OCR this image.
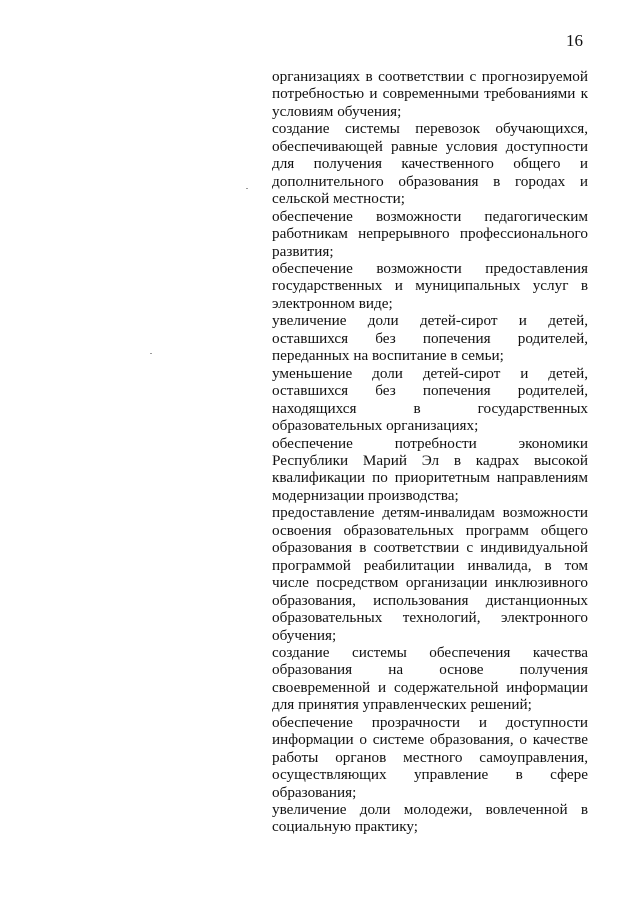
16

организациях в соответствии с прогнозируемой потребностью и современными требованиями к условиям обучения;

создание системы перевозок обучающихся, обеспечивающей равные условия доступности для получения качественного общего и дополнительного образования в городах и сельской местности;

обеспечение возможности педагогическим работникам непрерывного профессионального развития;

обеспечение возможности предоставления государственных и муниципальных услуг в электронном виде;

увеличение доли детей-сирот и детей, оставшихся без попечения родителей, переданных на воспитание в семьи;

уменьшение доли детей-сирот и детей, оставшихся без попечения родителей, находящихся в государственных образовательных организациях;

обеспечение потребности экономики Республики Марий Эл в кадрах высокой квалификации по приоритетным направлениям модернизации производства;

предоставление детям-инвалидам возможности освоения образовательных программ общего образования в соответствии с индивидуальной программой реабилитации инвалида, в том числе посредством организации инклюзивного образования, использования дистанционных образовательных технологий, электронного обучения;

создание системы обеспечения качества образования на основе получения своевременной и содержательной информации для принятия управленческих решений;

обеспечение прозрачности и доступности информации о системе образования, о качестве работы органов местного самоуправления, осуществляющих управление в сфере образования;

увеличение доли молодежи, вовлеченной в социальную практику;
